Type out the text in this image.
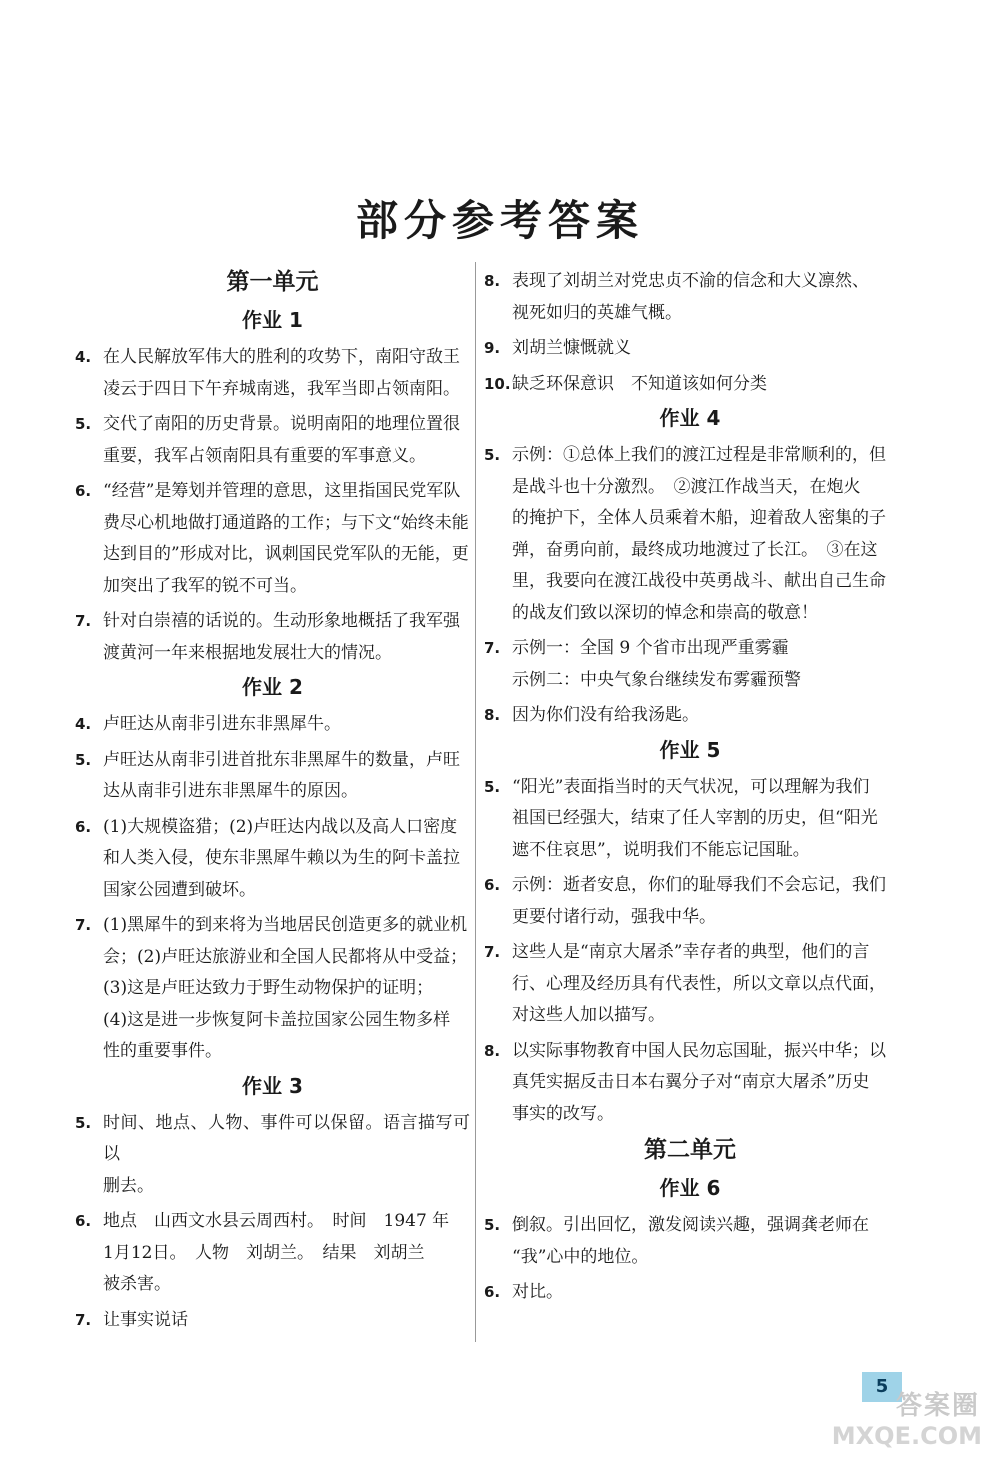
部分参考答案
第一单元
作业 1
4. 在人民解放军伟大的胜利的攻势下，南阳守敌王
凌云于四日下午弃城南逃，我军当即占领南阳。
5. 交代了南阳的历史背景。说明南阳的地理位置很
重要，我军占领南阳具有重要的军事意义。
6. “经营”是筹划并管理的意思，这里指国民党军队
费尽心机地做打通道路的工作；与下文“始终未能
达到目的”形成对比，讽刺国民党军队的无能，更
加突出了我军的锐不可当。
7. 针对白崇禧的话说的。生动形象地概括了我军强
渡黄河一年来根据地发展壮大的情况。
作业 2
4. 卢旺达从南非引进东非黑犀牛。
5. 卢旺达从南非引进首批东非黑犀牛的数量，卢旺
达从南非引进东非黑犀牛的原因。
6. (1)大规模盗猎；(2)卢旺达内战以及高人口密度
和人类入侵，使东非黑犀牛赖以为生的阿卡盖拉
国家公园遭到破坏。
7. (1)黑犀牛的到来将为当地居民创造更多的就业机
会；(2)卢旺达旅游业和全国人民都将从中受益；
(3)这是卢旺达致力于野生动物保护的证明；
(4)这是进一步恢复阿卡盖拉国家公园生物多样
性的重要事件。
作业 3
5. 时间、地点、人物、事件可以保留。语言描写可以
删去。
6. 地点　山西文水县云周西村。　时间　1947 年
1月12日。　人物　刘胡兰。　结果　刘胡兰
被杀害。
7. 让事实说话
8. 表现了刘胡兰对党忠贞不渝的信念和大义凛然、
视死如归的英雄气概。
9. 刘胡兰慷慨就义
10. 缺乏环保意识　不知道该如何分类
作业 4
5. 示例：①总体上我们的渡江过程是非常顺利的，但
是战斗也十分激烈。　②渡江作战当天，在炮火
的掩护下，全体人员乘着木船，迎着敌人密集的子
弹，奋勇向前，最终成功地渡过了长江。　③在这
里，我要向在渡江战役中英勇战斗、献出自己生命
的战友们致以深切的悼念和崇高的敬意！
7. 示例一：全国 9 个省市出现严重雾霾
示例二：中央气象台继续发布雾霾预警
8. 因为你们没有给我汤匙。
作业 5
5. “阳光”表面指当时的天气状况，可以理解为我们
祖国已经强大，结束了任人宰割的历史，但“阳光
遮不住哀思”，说明我们不能忘记国耻。
6. 示例：逝者安息，你们的耻辱我们不会忘记，我们
更要付诸行动，强我中华。
7. 这些人是“南京大屠杀”幸存者的典型，他们的言
行、心理及经历具有代表性，所以文章以点代面，
对这些人加以描写。
8. 以实际事物教育中国人民勿忘国耻，振兴中华；以
真凭实据反击日本右翼分子对“南京大屠杀”历史
事实的改写。
第二单元
作业 6
5. 倒叙。引出回忆，激发阅读兴趣，强调龚老师在
“我”心中的地位。
6. 对比。
5
答案圈
MXQE.COM
